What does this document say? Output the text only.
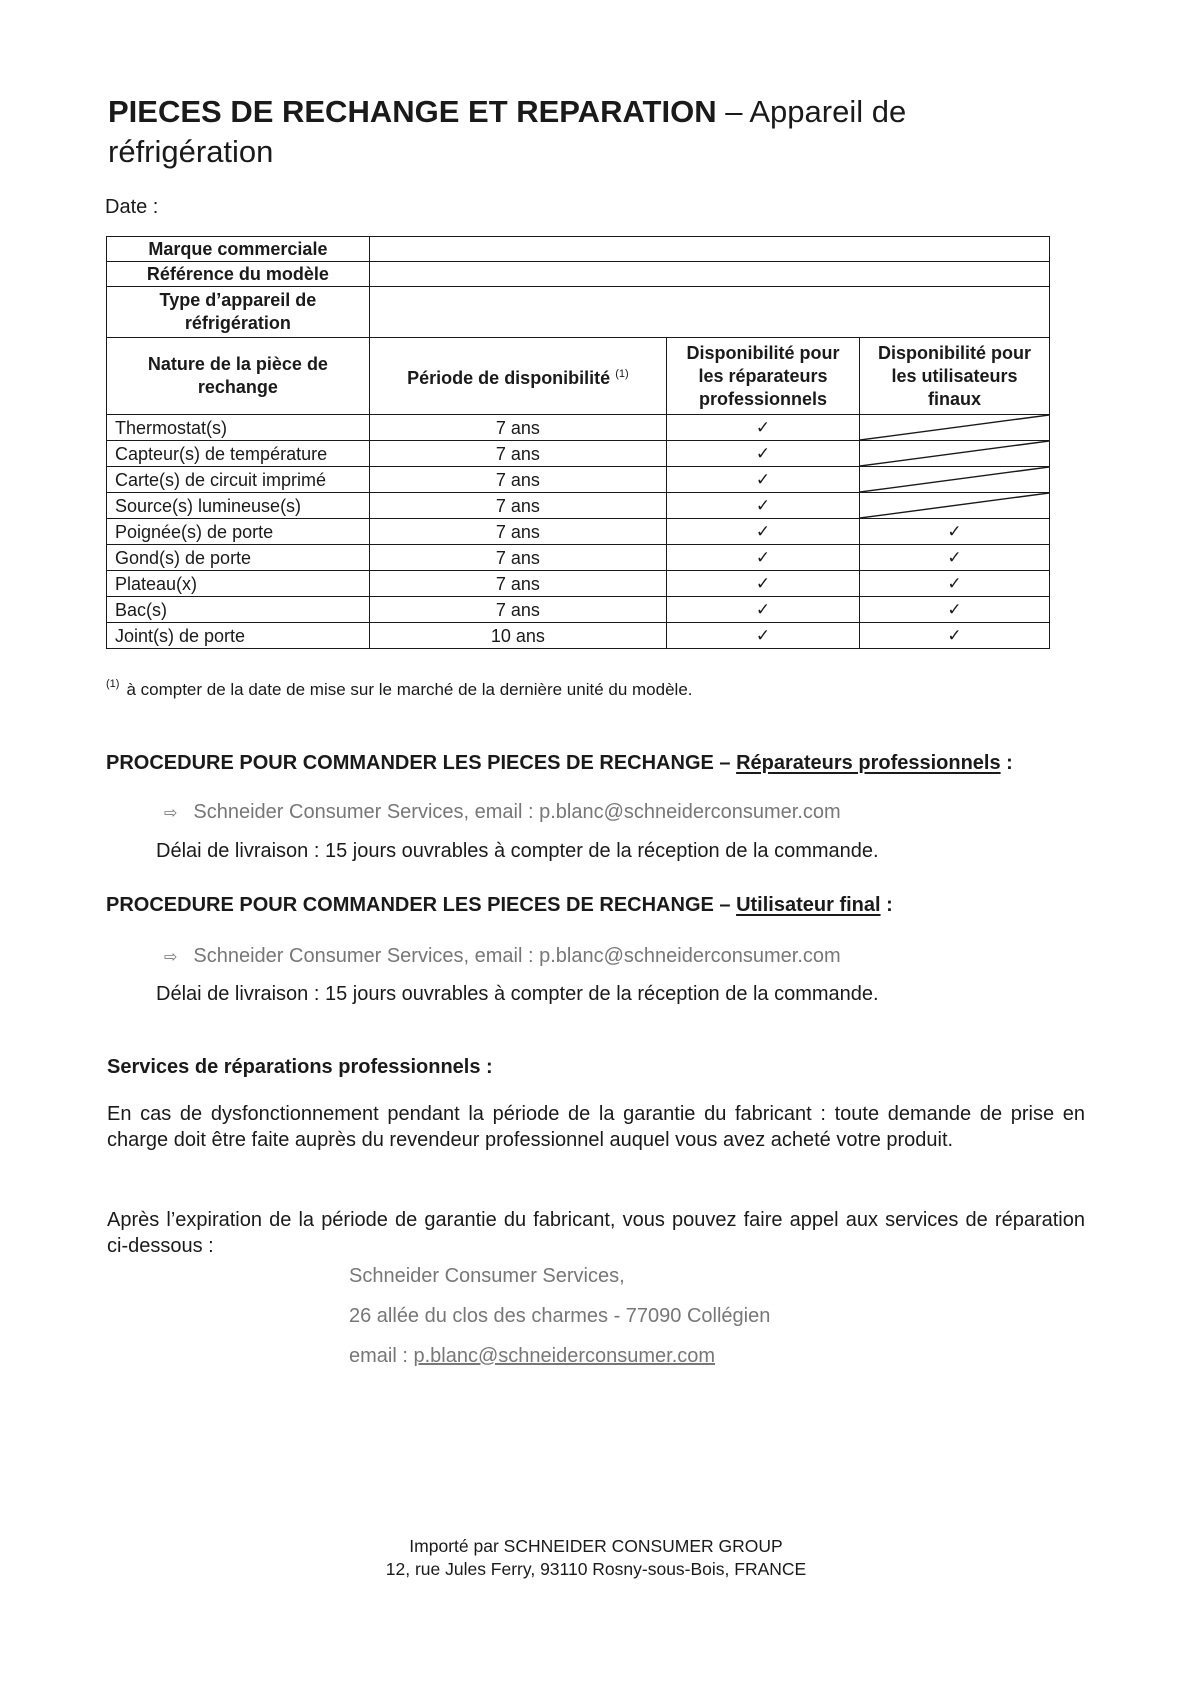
PIECES DE RECHANGE ET REPARATION – Appareil de réfrigération
Date :
Marque commerciale			
Référence du modèle			
Type d’appareil de réfrigération			
Nature de la pièce de rechange	Période de disponibilité $^{(1)}$	Disponibilité pour les réparateurs professionnels	Disponibilité pour les utilisateurs finaux
Thermostat(s)	7 ans	✓	

Capteur(s) de température	7 ans	✓	

Carte(s) de circuit imprimé	7 ans	✓	

Source(s) lumineuse(s)	7 ans	✓	

Poignée(s) de porte	7 ans	✓	✓
Gond(s) de porte	7 ans	✓	✓
Plateau(x)	7 ans	✓	✓
Bac(s)	7 ans	✓	✓
Joint(s) de porte	10 ans	✓	✓
$^{(1)}$ à compter de la date de mise sur le marché de la dernière unité du modèle.
PROCEDURE POUR COMMANDER LES PIECES DE RECHANGE – Réparateurs professionnels :
⇨ Schneider Consumer Services, email : p.blanc@schneiderconsumer.com
Délai de livraison : 15 jours ouvrables à compter de la réception de la commande.
PROCEDURE POUR COMMANDER LES PIECES DE RECHANGE – Utilisateur final :
⇨ Schneider Consumer Services, email : p.blanc@schneiderconsumer.com
Délai de livraison : 15 jours ouvrables à compter de la réception de la commande.
Services de réparations professionnels :
En cas de dysfonctionnement pendant la période de la garantie du fabricant : toute demande de prise en charge doit être faite auprès du revendeur professionnel auquel vous avez acheté votre produit.
Après l’expiration de la période de garantie du fabricant, vous pouvez faire appel aux services de réparation ci-dessous :
Schneider Consumer Services,
26 allée du clos des charmes - 77090 Collégien
email : p.blanc@schneiderconsumer.com
Importé par SCHNEIDER CONSUMER GROUP
12, rue Jules Ferry, 93110 Rosny-sous-Bois, FRANCE
